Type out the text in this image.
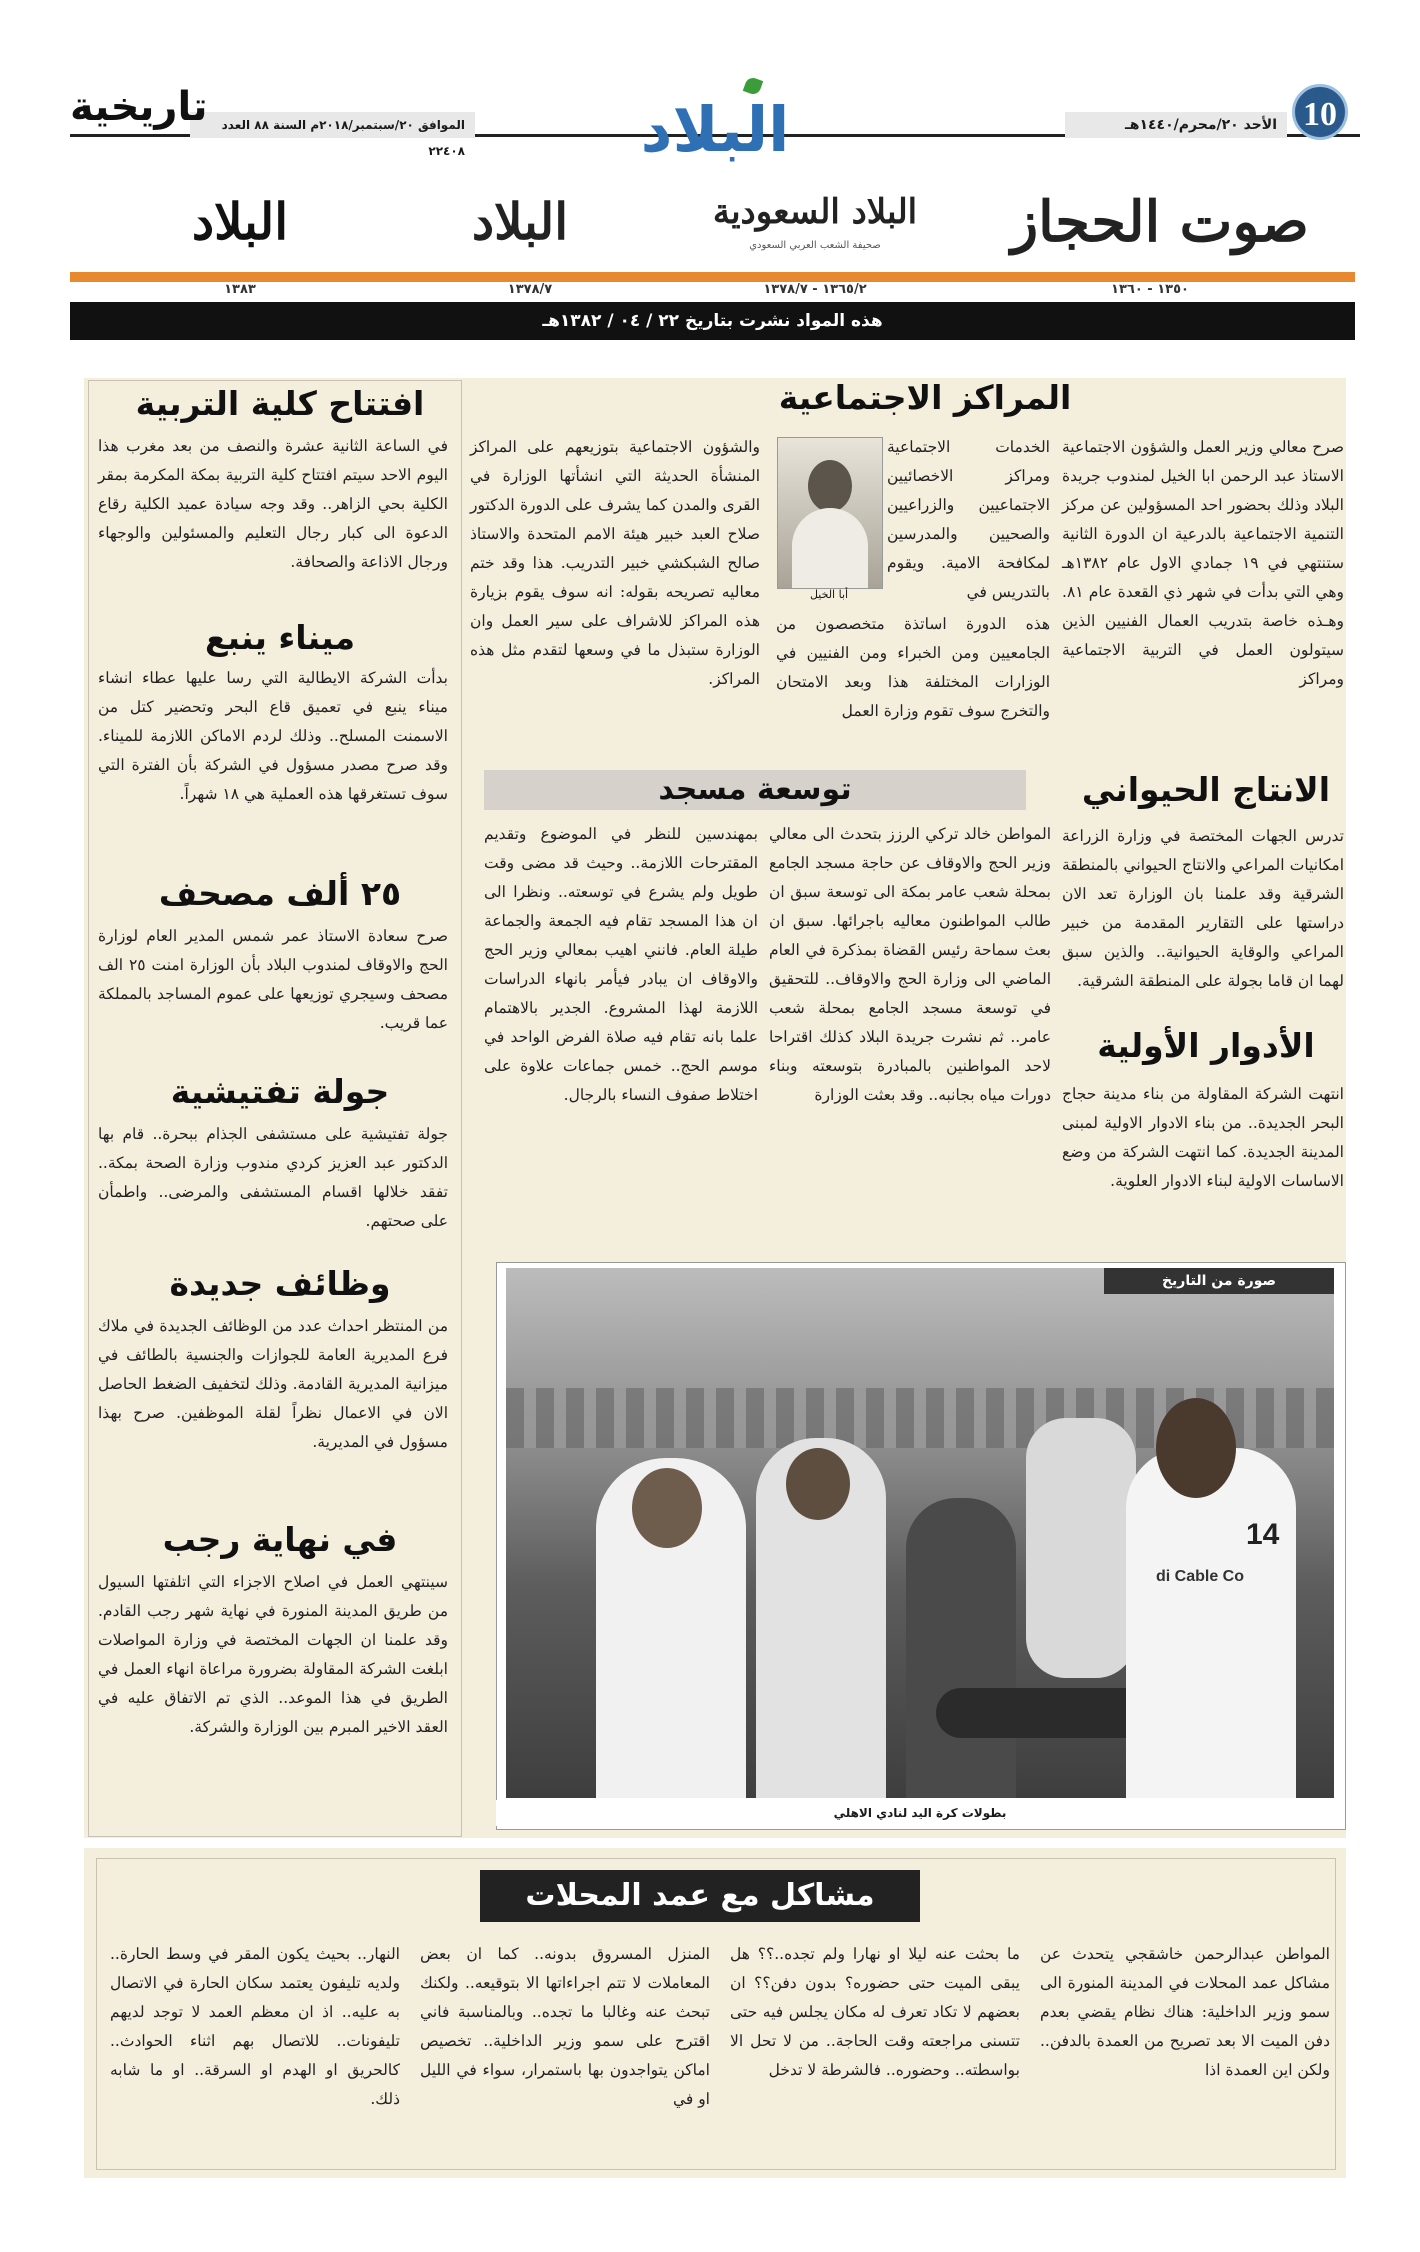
10
الأحد ٢٠/محرم/١٤٤٠هـ
الموافق ٢٠/سبتمبر/٢٠١٨م السنة ٨٨ العدد ٢٢٤٠٨	البلاد
تاريخية
صوت الحجاز
البلاد السعودية
صحيفة الشعب العربي السعودي
البلاد
البلاد
١٣٥٠ - ١٣٦٠
١٣٦٥/٢ - ١٣٧٨/٧
١٣٧٨/٧
١٣٨٣
هذه المواد نشرت بتاريخ ٢٢ / ٠٤ / ١٣٨٢هـ
المراكز الاجتماعية
صرح معالي وزير العمل والشؤون الاجتماعية الاستاذ عبد الرحمن ابا الخيل لمندوب جريدة البلاد وذلك بحضور احد المسؤولين عن مركز التنمية الاجتماعية بالدرعية ان الدورة الثانية ستنتهي في ١٩ جمادي الاول عام ١٣٨٢هـ وهي التي بدأت في شهر ذي القعدة عام ٨١. وهـذه خاصة بتدريب العمال الفنيين الذين سيتولون العمل في التربية الاجتماعية ومراكز
الخدمات الاجتماعية ومراكز الاخصائيين الاجتماعيين والزراعيين والصحيين والمدرسين لمكافحة الامية. ويقوم بالتدريس في
أبا الخيل
هذه الدورة اساتذة متخصصون من الجامعيين ومن الخبراء ومن الفنيين في الوزارات المختلفة هذا وبعد الامتحان والتخرج سوف تقوم وزارة العمل
والشؤون الاجتماعية بتوزيعهم على المراكز المنشأة الحديثة التي انشأتها الوزارة في القرى والمدن كما يشرف على الدورة الدكتور صلاح العبد خبير هيئة الامم المتحدة والاستاذ صالح الشبكشي خبير التدريب. هذا وقد ختم معاليه تصريحه بقوله: انه سوف يقوم بزيارة هذه المراكز للاشراف على سير العمل وان الوزارة ستبذل ما في وسعها لتقدم مثل هذه المراكز.
الانتاج الحيواني
تدرس الجهات المختصة في وزارة الزراعة امكانيات المراعي والانتاج الحيواني بالمنطقة الشرقية وقد علمنا بان الوزارة تعد الان دراستها على التقارير المقدمة من خبير المراعي والوقاية الحيوانية.. والذين سبق لهما ان قاما بجولة على المنطقة الشرقية.
الأدوار الأولية
انتهت الشركة المقاولة من بناء مدينة حجاج البحر الجديدة.. من بناء الادوار الاولية لمبنى المدينة الجديدة. كما انتهت الشركة من وضع الاساسات الاولية لبناء الادوار العلوية.
توسعة مسجد
المواطن خالد تركي الرزز بتحدث الى معالي وزير الحج والاوقاف عن حاجة مسجد الجامع بمحلة شعب عامر بمكة الى توسعة سبق ان طالب المواطنون معاليه باجرائها. سبق ان بعث سماحة رئيس القضاة بمذكرة في العام الماضي الى وزارة الحج والاوقاف.. للتحقيق في توسعة مسجد الجامع بمحلة شعب عامر.. ثم نشرت جريدة البلاد كذلك اقتراحا لاحد المواطنين بالمبادرة بتوسعته وبناء دورات مياه بجانبه.. وقد بعثت الوزارة
بمهندسين للنظر في الموضوع وتقديم المقترحات اللازمة.. وحيث قد مضى وقت طويل ولم يشرع في توسعته.. ونظرا الى ان هذا المسجد تقام فيه الجمعة والجماعة طيلة العام. فانني اهيب بمعالي وزير الحج والاوقاف ان يبادر فيأمر بانهاء الدراسات اللازمة لهذا المشروع. الجدير بالاهتمام علما بانه تقام فيه صلاة الفرض الواحد في موسم الحج.. خمس جماعات علاوة على اختلاط صفوف النساء بالرجال.
افتتاح كلية التربية
في الساعة الثانية عشرة والنصف من بعد مغرب هذا اليوم الاحد سيتم افتتاح كلية التربية بمكة المكرمة بمقر الكلية بحي الزاهر.. وقد وجه سيادة عميد الكلية رقاع الدعوة الى كبار رجال التعليم والمسئولين والوجهاء ورجال الاذاعة والصحافة.
ميناء ينبع
بدأت الشركة الايطالية التي رسا عليها عطاء انشاء ميناء ينبع في تعميق قاع البحر وتحضير كتل من الاسمنت المسلح.. وذلك لردم الاماكن اللازمة للميناء. وقد صرح مصدر مسؤول في الشركة بأن الفترة التي سوف تستغرقها هذه العملية هي ١٨ شهراً.
٢٥ ألف مصحف
صرح سعادة الاستاذ عمر شمس المدير العام لوزارة الحج والاوقاف لمندوب البلاد بأن الوزارة امنت ٢٥ الف مصحف وسيجري توزيعها على عموم المساجد بالمملكة عما قريب.
جولة تفتيشية
جولة تفتيشية على مستشفى الجذام ببحرة.. قام بها الدكتور عبد العزيز كردي مندوب وزارة الصحة بمكة.. تفقد خلالها اقسام المستشفى والمرضى.. واطمأن على صحتهم.
وظائف جديدة
من المنتظر احداث عدد من الوظائف الجديدة في ملاك فرع المديرية العامة للجوازات والجنسية بالطائف في ميزانية المديرية القادمة. وذلك لتخفيف الضغط الحاصل الان في الاعمال نظراً لقلة الموظفين. صرح بهذا مسؤول في المديرية.
في نهاية رجب
سينتهي العمل في اصلاح الاجزاء التي اتلفتها السيول من طريق المدينة المنورة في نهاية شهر رجب القادم. وقد علمنا ان الجهات المختصة في وزارة المواصلات ابلغت الشركة المقاولة بضرورة مراعاة انهاء العمل في الطريق في هذا الموعد.. الذي تم الاتفاق عليه في العقد الاخير المبرم بين الوزارة والشركة.
صورة من التاريخ
14
di Cable Co
بطولات كرة اليد لنادي الاهلي
مشاكل مع عمد المحلات
المواطن عبدالرحمن خاشقجي يتحدث عن مشاكل عمد المحلات في المدينة المنورة الى سمو وزير الداخلية: هناك نظام يقضي بعدم دفن الميت الا بعد تصريح من العمدة بالدفن.. ولكن اين العمدة اذا
ما بحثت عنه ليلا او نهارا ولم تجده..؟؟ هل يبقى الميت حتى حضوره؟ بدون دفن؟؟ ان بعضهم لا تكاد تعرف له مكان يجلس فيه حتى تتسنى مراجعته وقت الحاجة.. من لا تحل الا بواسطته.. وحضوره.. فالشرطة لا تدخل
المنزل المسروق بدونه.. كما ان بعض المعاملات لا تتم اجراءاتها الا بتوقيعه.. ولكنك تبحث عنه وغالبا ما تجده.. وبالمناسبة فاني اقترح على سمو وزير الداخلية.. تخصيص اماكن يتواجدون بها باستمرار، سواء في الليل او في
النهار.. بحيث يكون المقر في وسط الحارة.. ولديه تليفون يعتمد سكان الحارة في الاتصال به عليه.. اذ ان معظم العمد لا توجد لديهم تليفونات.. للاتصال بهم اثناء الحوادث.. كالحريق او الهدم او السرقة.. او ما شابه ذلك.
